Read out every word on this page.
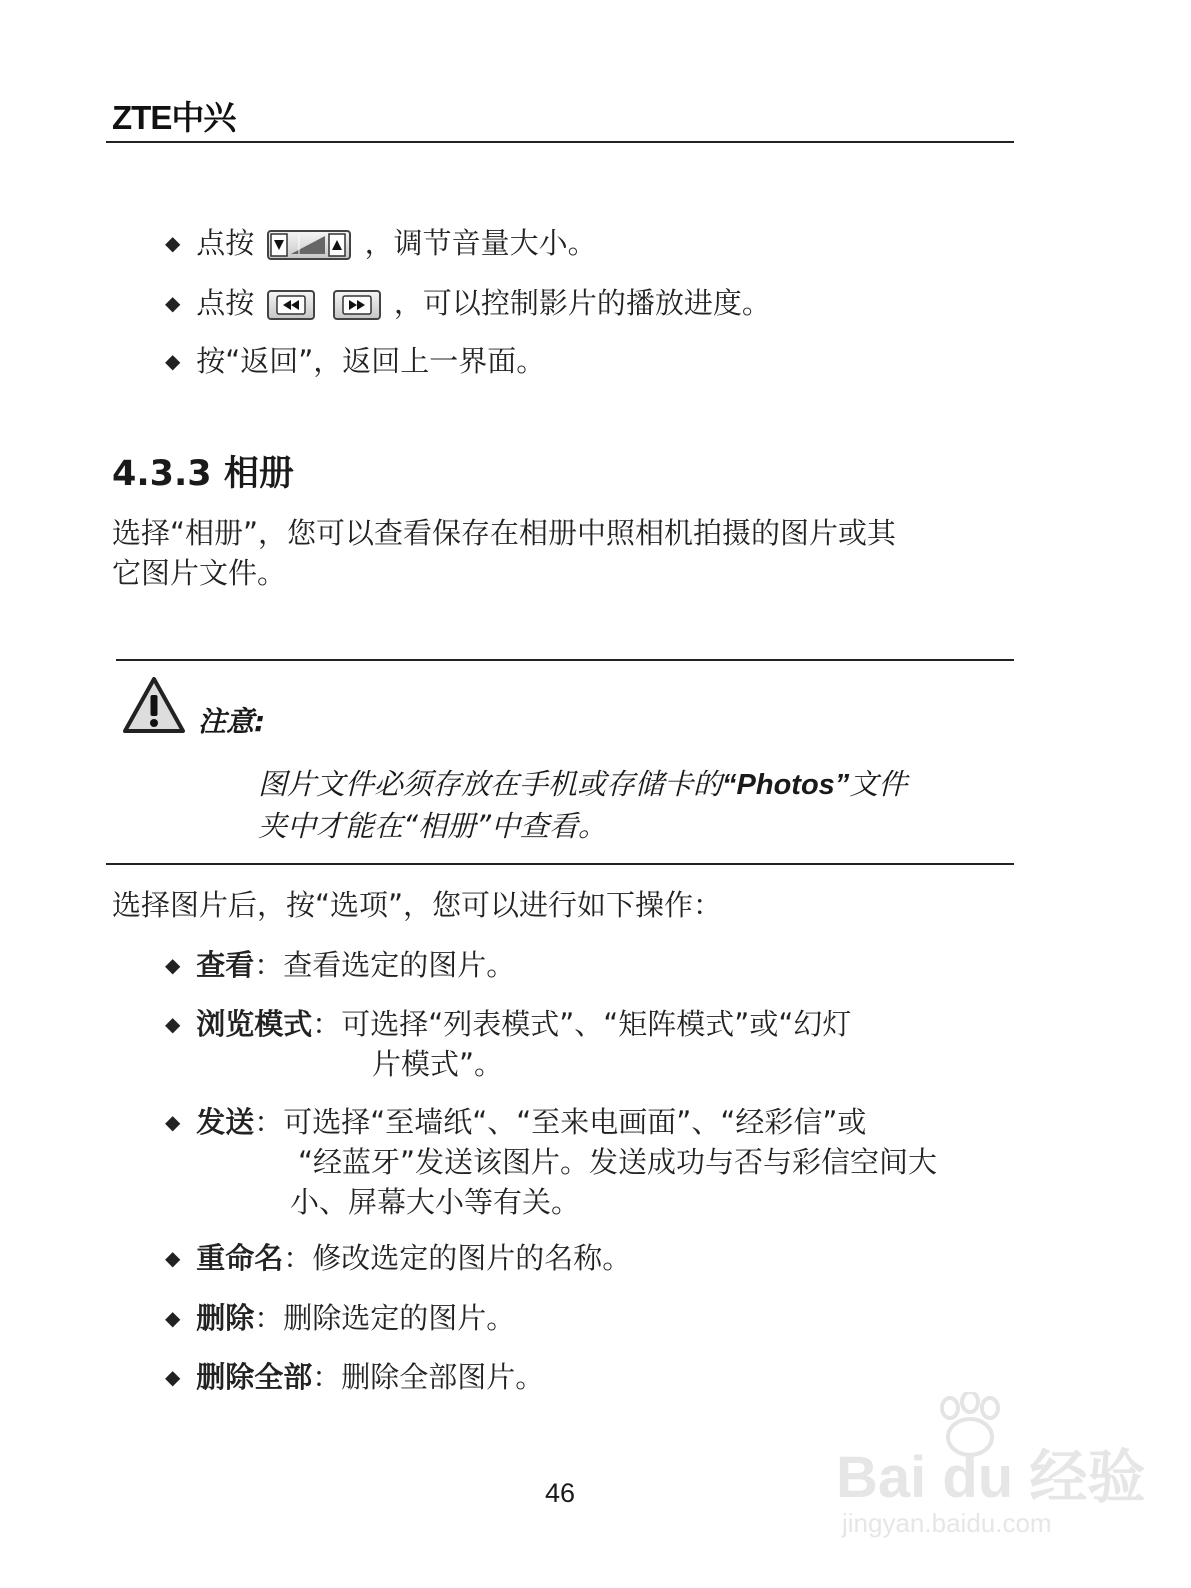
ZTE中兴
◆ 点按	，调节音量大小。
◆ 点按
	，可以控制影片的播放进度。
◆ 按“返回”，返回上一界面。
4.3.3 相册
选择“相册”，您可以查看保存在相册中照相机拍摄的图片或其
它图片文件。
注意:
图片文件必须存放在手机或存储卡的“Photos”文件
夹中才能在“相册”中查看。
选择图片后，按“选项”，您可以进行如下操作：
◆ 查看：查看选定的图片。
◆ 浏览模式：可选择“列表模式”、“矩阵模式”或“幻灯
片模式”。
◆ 发送：可选择“至墙纸“、“至来电画面”、“经彩信”或
“经蓝牙”发送该图片。发送成功与否与彩信空间大
小、屏幕大小等有关。
◆ 重命名：修改选定的图片的名称。
◆ 删除：删除选定的图片。
◆ 删除全部：删除全部图片。
Bai du 经验
jingyan.baidu.com
46
